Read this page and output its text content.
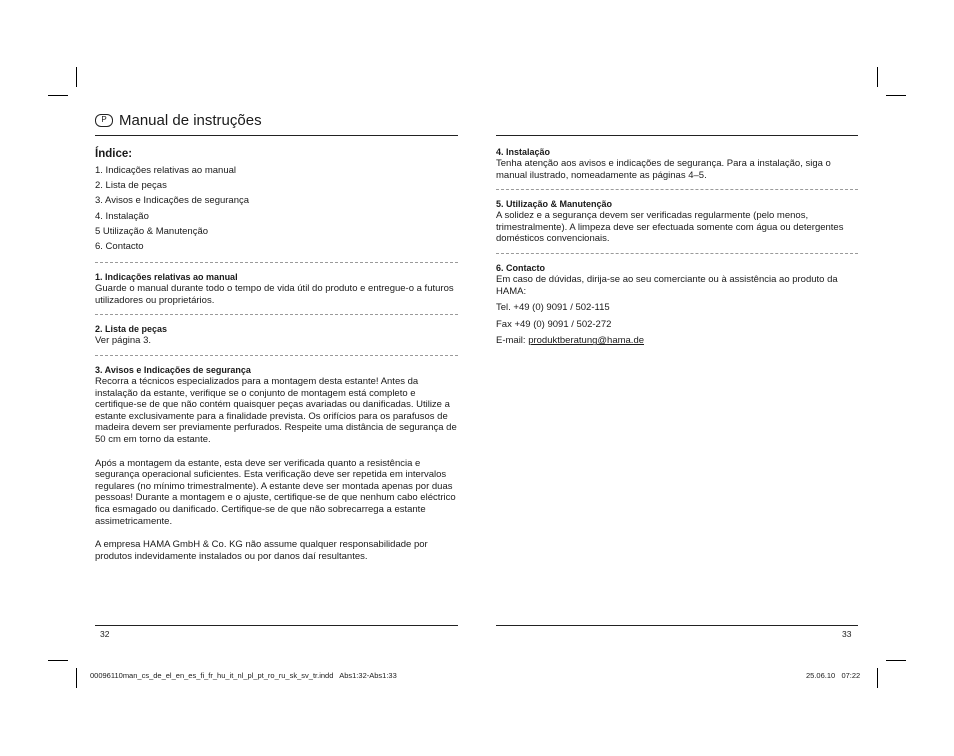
P Manual de instruções
Índice:
1. Indicações relativas ao manual
2. Lista de peças
3. Avisos e Indicações de segurança
4. Instalação
5 Utilização & Manutenção
6. Contacto
1. Indicações relativas ao manual
Guarde o manual durante todo o tempo de vida útil do produto e entregue-o a futuros utilizadores ou proprietários.
2. Lista de peças
Ver página 3.
3. Avisos e Indicações de segurança
Recorra a técnicos especializados para a montagem desta estante! Antes da instalação da estante, verifique se o conjunto de montagem está completo e certifique-se de que não contém quaisquer peças avariadas ou danificadas. Utilize a estante exclusivamente para a finalidade prevista. Os orifícios para os parafusos de madeira devem ser previamente perfurados. Respeite uma distância de segurança de 50 cm em torno da estante.
Após a montagem da estante, esta deve ser verificada quanto a resistência e segurança operacional suficientes. Esta verificação deve ser repetida em intervalos regulares (no mínimo trimestralmente). A estante deve ser montada apenas por duas pessoas! Durante a montagem e o ajuste, certifique-se de que nenhum cabo eléctrico fica esmagado ou danificado. Certifique-se de que não sobrecarrega a estante assimetricamente.
A empresa HAMA GmbH & Co. KG não assume qualquer responsabilidade por produtos indevidamente instalados ou por danos daí resultantes.
32
4. Instalação
Tenha atenção aos avisos e indicações de segurança. Para a instalação, siga o manual ilustrado, nomeadamente as páginas 4–5.
5. Utilização & Manutenção
A solidez e a segurança devem ser verificadas regularmente (pelo menos, trimestralmente). A limpeza deve ser efectuada somente com água ou detergentes domésticos convencionais.
6. Contacto
Em caso de dúvidas, dirija-se ao seu comerciante ou à assistência ao produto da HAMA:
Tel. +49 (0) 9091 / 502-115
Fax +49 (0) 9091 / 502-272
E-mail: produktberatung@hama.de
33
00096110man_cs_de_el_en_es_fi_fr_hu_it_nl_pl_pt_ro_ru_sk_sv_tr.indd   Abs1:32-Abs1:33	25.06.10   07:22
